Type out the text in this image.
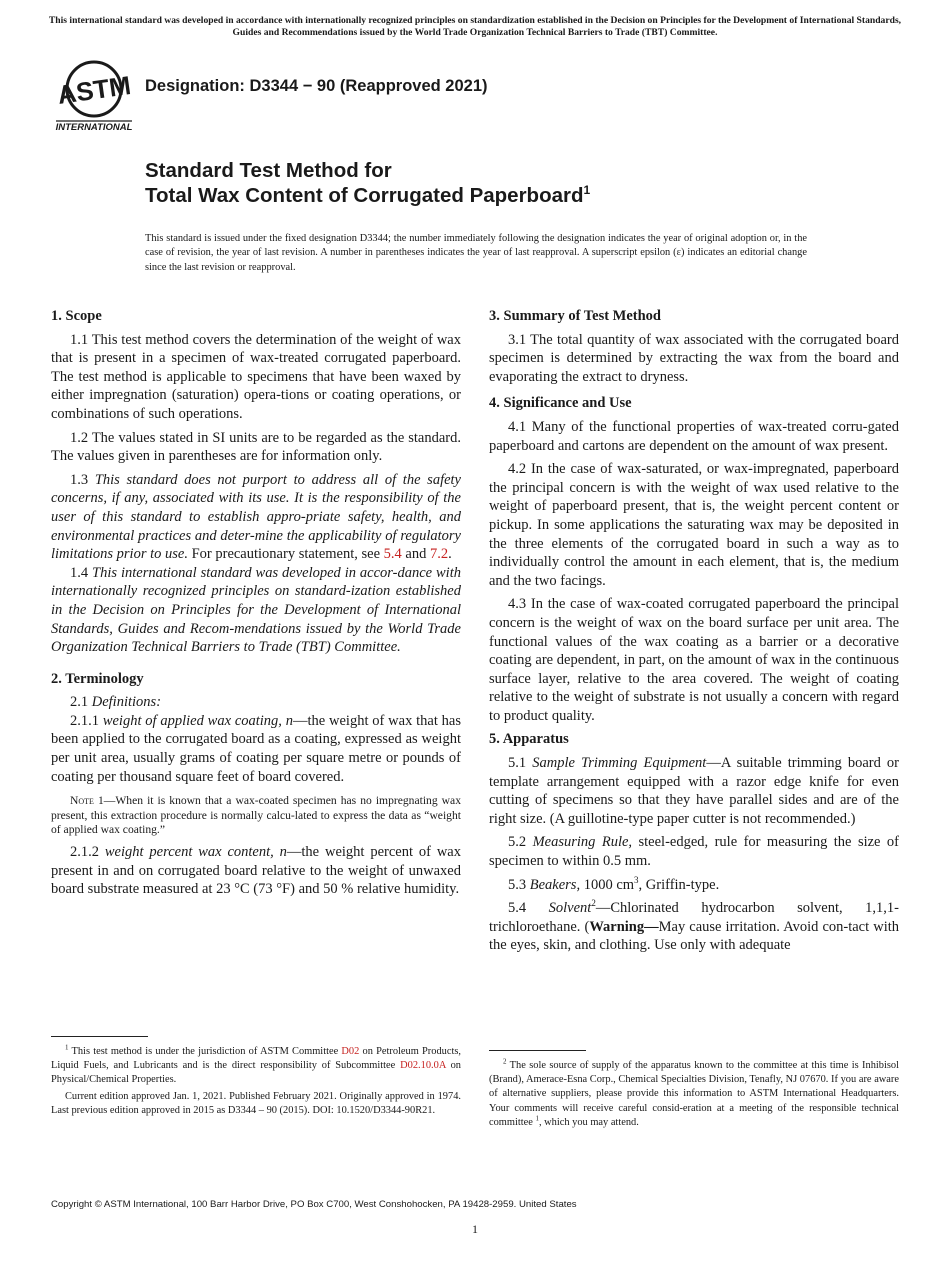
This international standard was developed in accordance with internationally recognized principles on standardization established in the Decision on Principles for the Development of International Standards, Guides and Recommendations issued by the World Trade Organization Technical Barriers to Trade (TBT) Committee.
ASTM
INTERNATIONAL
Designation: D3344 − 90 (Reapproved 2021)
Standard Test Method for
Total Wax Content of Corrugated Paperboard$^1$
This standard is issued under the fixed designation D3344; the number immediately following the designation indicates the year of original adoption or, in the case of revision, the year of last revision. A number in parentheses indicates the year of last reapproval. A superscript epsilon (ε) indicates an editorial change since the last revision or reapproval.
1. Scope

1.1 This test method covers the determination of the weight of wax that is present in a specimen of wax-treated corrugated paperboard. The test method is applicable to specimens that have been waxed by either impregnation (saturation) opera-tions or coating operations, or combinations of such operations.

1.2 The values stated in SI units are to be regarded as the standard. The values given in parentheses are for information only.

1.3 This standard does not purport to address all of the safety concerns, if any, associated with its use. It is the responsibility of the user of this standard to establish appro-priate safety, health, and environmental practices and deter-mine the applicability of regulatory limitations prior to use. For precautionary statement, see 5.4 and 7.2.

1.4 This international standard was developed in accor-dance with internationally recognized principles on standard-ization established in the Decision on Principles for the Development of International Standards, Guides and Recom-mendations issued by the World Trade Organization Technical Barriers to Trade (TBT) Committee.

2. Terminology

2.1 Definitions:

2.1.1 weight of applied wax coating, n—the weight of wax that has been applied to the corrugated board as a coating, expressed as weight per unit area, usually grams of coating per square metre or pounds of coating per thousand square feet of board covered.

Note 1—When it is known that a wax-coated specimen has no impregnating wax present, this extraction procedure is normally calcu-lated to express the data as “weight of applied wax coating.”

2.1.2 weight percent wax content, n—the weight percent of wax present in and on corrugated board relative to the weight of unwaxed board substrate measured at 23 °C (73 °F) and 50 % relative humidity.

3. Summary of Test Method

3.1 The total quantity of wax associated with the corrugated board specimen is determined by extracting the wax from the board and evaporating the extract to dryness.

4. Significance and Use

4.1 Many of the functional properties of wax-treated corru-gated paperboard and cartons are dependent on the amount of wax present.

4.2 In the case of wax-saturated, or wax-impregnated, paperboard the principal concern is with the weight of wax used relative to the weight of paperboard present, that is, the weight percent content or pickup. In some applications the saturating wax may be deposited in the three elements of the corrugated board in such a way as to individually control the amount in each element, that is, the medium and the two facings.

4.3 In the case of wax-coated corrugated paperboard the principal concern is the weight of wax on the board surface per unit area. The functional values of the wax coating as a barrier or a decorative coating are dependent, in part, on the amount of wax in the continuous surface layer, relative to the area covered. The weight of coating relative to the weight of substrate is not usually a concern with regard to product quality.

5. Apparatus

5.1 Sample Trimming Equipment—A suitable trimming board or template arrangement equipped with a razor edge knife for even cutting of specimens so that they have parallel sides and are of the right size. (A guillotine-type paper cutter is not recommended.)

5.2 Measuring Rule, steel-edged, rule for measuring the size of specimen to within 0.5 mm.

5.3 Beakers, 1000 $cm^3$, Griffin-type.

5.4 Solvent$^2$—Chlorinated hydrocarbon solvent, 1,1,1-trichloroethane. (Warning—May cause irritation. Avoid con-tact with the eyes, skin, and clothing. Use only with adequate

$^1$ This test method is under the jurisdiction of ASTM Committee D02 on Petroleum Products, Liquid Fuels, and Lubricants and is the direct responsibility of Subcommittee D02.10.0A on Physical/Chemical Properties.

Current edition approved Jan. 1, 2021. Published February 2021. Originally approved in 1974. Last previous edition approved in 2015 as D3344 – 90 (2015). DOI: 10.1520/D3344-90R21.

$^2$ The sole source of supply of the apparatus known to the committee at this time is Inhibisol (Brand), Amerace-Esna Corp., Chemical Specialties Division, Tenafly, NJ 07670. If you are aware of alternative suppliers, please provide this information to ASTM International Headquarters. Your comments will receive careful consid-eration at a meeting of the responsible technical committee $^1$, which you may attend.

Copyright © ASTM International, 100 Barr Harbor Drive, PO Box C700, West Conshohocken, PA 19428-2959. United States
1
